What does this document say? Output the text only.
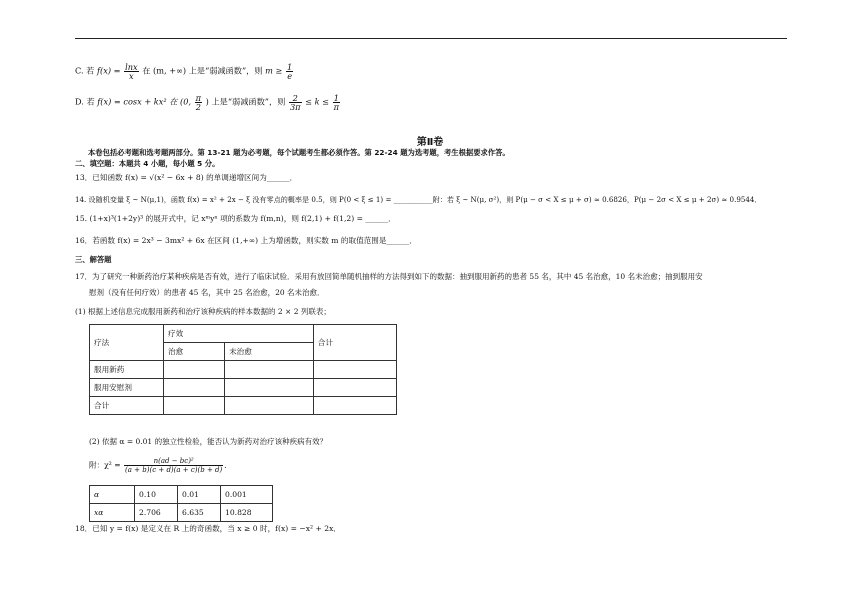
C. 若 $f(x) = \frac{\ln x}{x}$ 在 (m, +∞) 上是“弱减函数”，则 $m \ge \frac{1}{e}$
D. 若 f(x) = cosx + kx² 在 (0, $\frac{\pi}{2}$ ) 上是“弱减函数”，则 $\frac{2}{3\pi} \le k \le \frac{1}{\pi}$
第Ⅱ卷
本卷包括必考题和选考题两部分。第 13-21 题为必考题，每个试题考生都必须作答。第 22-24 题为选考题，考生根据要求作答。
二、填空题：本题共 4 小题，每小题 5 分。
13．已知函数 f(x) = √(x² − 6x + 8) 的单调递增区间为______．
14. 设随机变量 ξ ~ N(μ,1)，函数 f(x) = x² + 2x − ξ 没有零点的概率是 0.5，则 P(0 < ξ ≤ 1) = ___________附：若 ξ ~ N(μ, σ²)，则 P(μ − σ < X ≤ μ + σ) ≈ 0.6826，P(μ − 2σ < X ≤ μ + 2σ) ≈ 0.9544．
15. (1+x)³(1+2y)³ 的展开式中，记 xᵐyⁿ 项的系数为 f(m,n)，则 f(2,1) + f(1,2) = ______．
16．若函数 f(x) = 2x³ − 3mx² + 6x 在区间 (1,+∞) 上为增函数，则实数 m 的取值范围是______．
三、解答题
17．为了研究一种新药治疗某种疾病是否有效，进行了临床试验．采用有放回简单随机抽样的方法得到如下的数据：抽到服用新药的患者 55 名，其中 45 名治愈，10 名未治愈；抽到服用安
慰剂（没有任何疗效）的患者 45 名，其中 25 名治愈，20 名未治愈．
(1) 根据上述信息完成服用新药和治疗该种疾病的样本数据的 2 × 2 列联表；
疗法	疗效		合计
	治愈	未治愈	
服用新药			
服用安慰剂			
合计			
(2) 依据 α = 0.01 的独立性检验，能否认为新药对治疗该种疾病有效？
附：$\chi^2 = \frac{\text{n(ad − bc)²}}{(a + b)(c + d)(a + c)(b + d)}$ ．
α	0.10	0.01	0.001
xα	2.706	6.635	10.828
18．已知 y = f(x) 是定义在 R 上的奇函数，当 x ≥ 0 时，f(x) = −x² + 2x．
